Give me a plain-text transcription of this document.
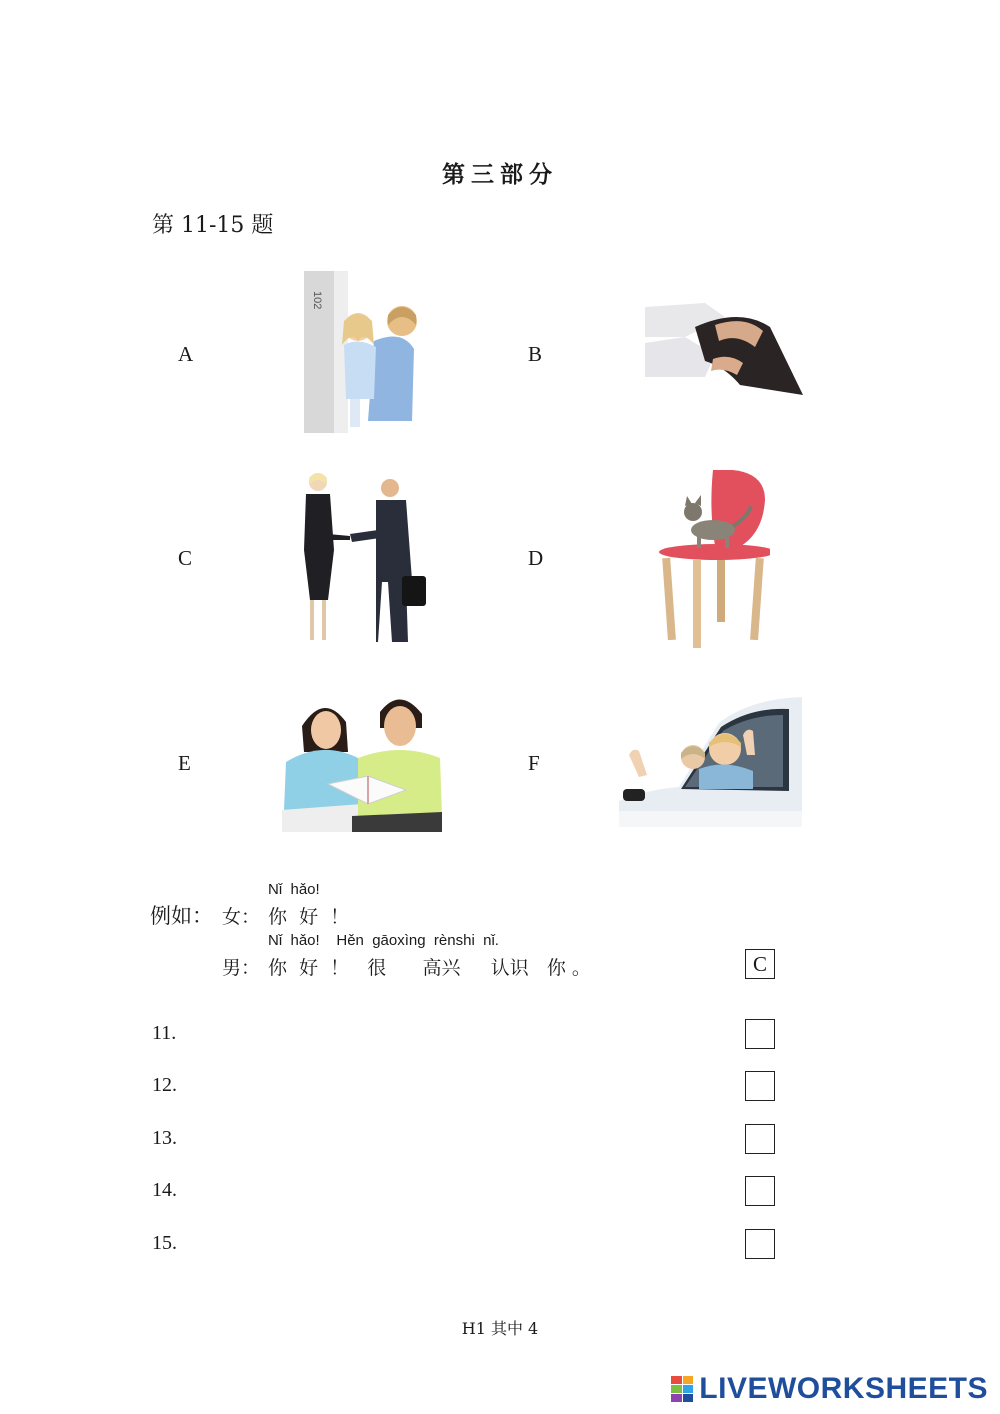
第三部分
第 11-15 题
A	B
C	D
E	F
102
例如：
Nǐ  hǎo!
女： 你  好  ！
Nǐ  hǎo!    Hěn  gāoxìng  rènshi  nǐ.
男： 你  好  ！   很      高兴     认识   你 。	C
11.
12.
13.
14.
15.
H1 其中 4
LIVEWORKSHEETS
